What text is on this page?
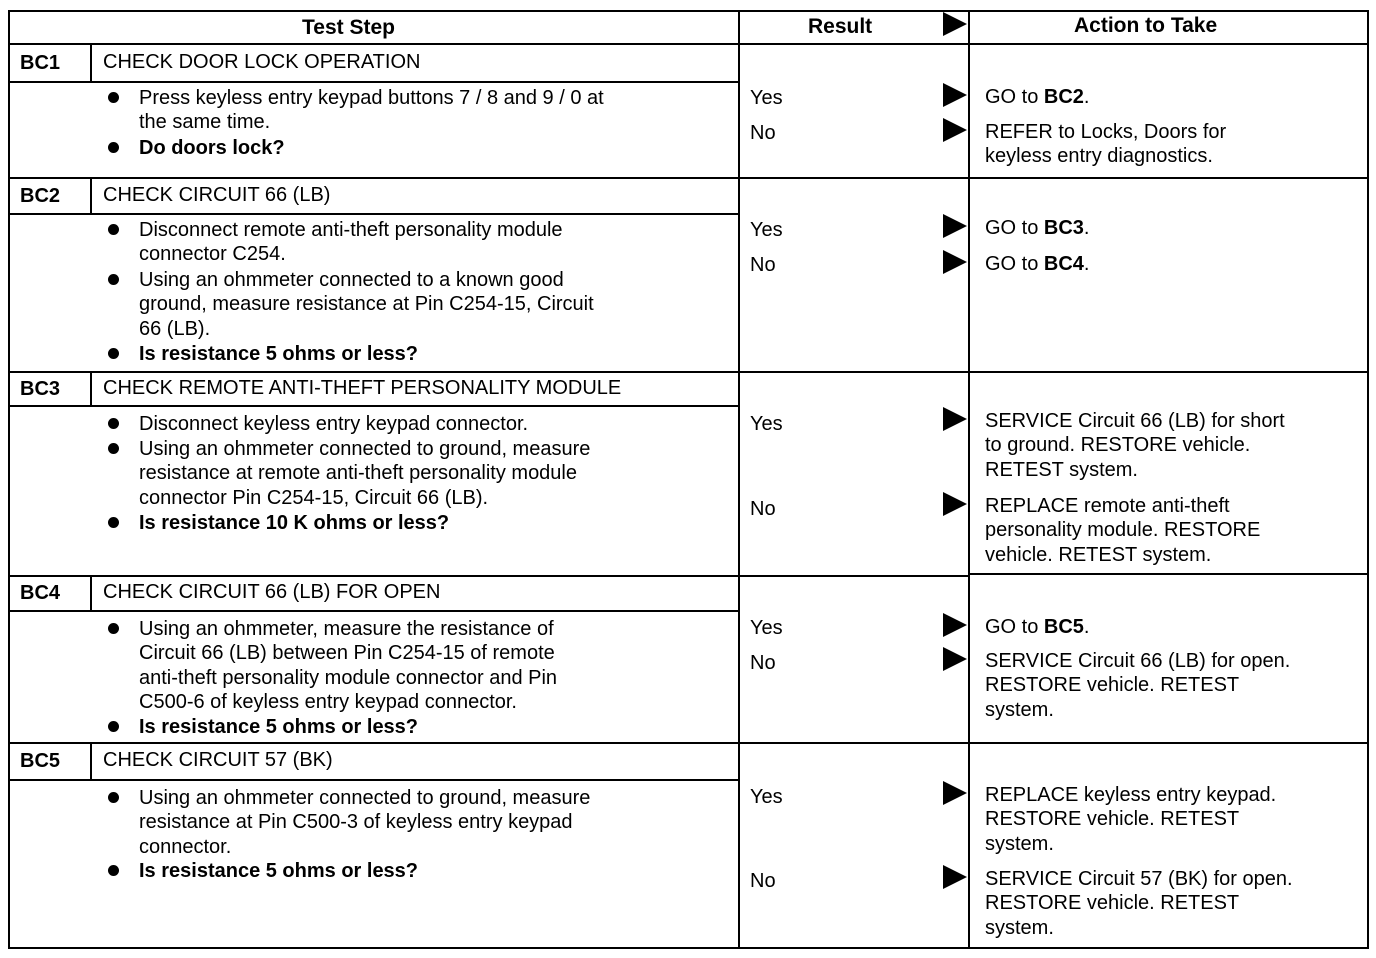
Test Step	Result	Action to Take
BC1 CHECK DOOR LOCK OPERATION
Press keyless entry keypad buttons 7 / 8 and 9 / 0 at
the same time.
Do doors lock?
Yes	GO to BC2.
No	REFER to Locks, Doors for
keyless entry diagnostics.
BC2 CHECK CIRCUIT 66 (LB)
Disconnect remote anti-theft personality module
connector C254.
Using an ohmmeter connected to a known good
ground, measure resistance at Pin C254-15, Circuit
66 (LB).
Is resistance 5 ohms or less?
Yes	GO to BC3.
No	GO to BC4.
BC3 CHECK REMOTE ANTI-THEFT PERSONALITY MODULE
Disconnect keyless entry keypad connector.
Using an ohmmeter connected to ground, measure
resistance at remote anti-theft personality module
connector Pin C254-15, Circuit 66 (LB).
Is resistance 10 K ohms or less?
Yes	SERVICE Circuit 66 (LB) for short
to ground. RESTORE vehicle.
RETEST system.
No	REPLACE remote anti-theft
personality module. RESTORE
vehicle. RETEST system.
BC4 CHECK CIRCUIT 66 (LB) FOR OPEN
Using an ohmmeter, measure the resistance of
Circuit 66 (LB) between Pin C254-15 of remote
anti-theft personality module connector and Pin
C500-6 of keyless entry keypad connector.
Is resistance 5 ohms or less?
Yes	GO to BC5.
No	SERVICE Circuit 66 (LB) for open.
RESTORE vehicle. RETEST
system.
BC5 CHECK CIRCUIT 57 (BK)
Using an ohmmeter connected to ground, measure
resistance at Pin C500-3 of keyless entry keypad
connector.
Is resistance 5 ohms or less?
Yes	REPLACE keyless entry keypad.
RESTORE vehicle. RETEST
system.
No	SERVICE Circuit 57 (BK) for open.
RESTORE vehicle. RETEST
system.
